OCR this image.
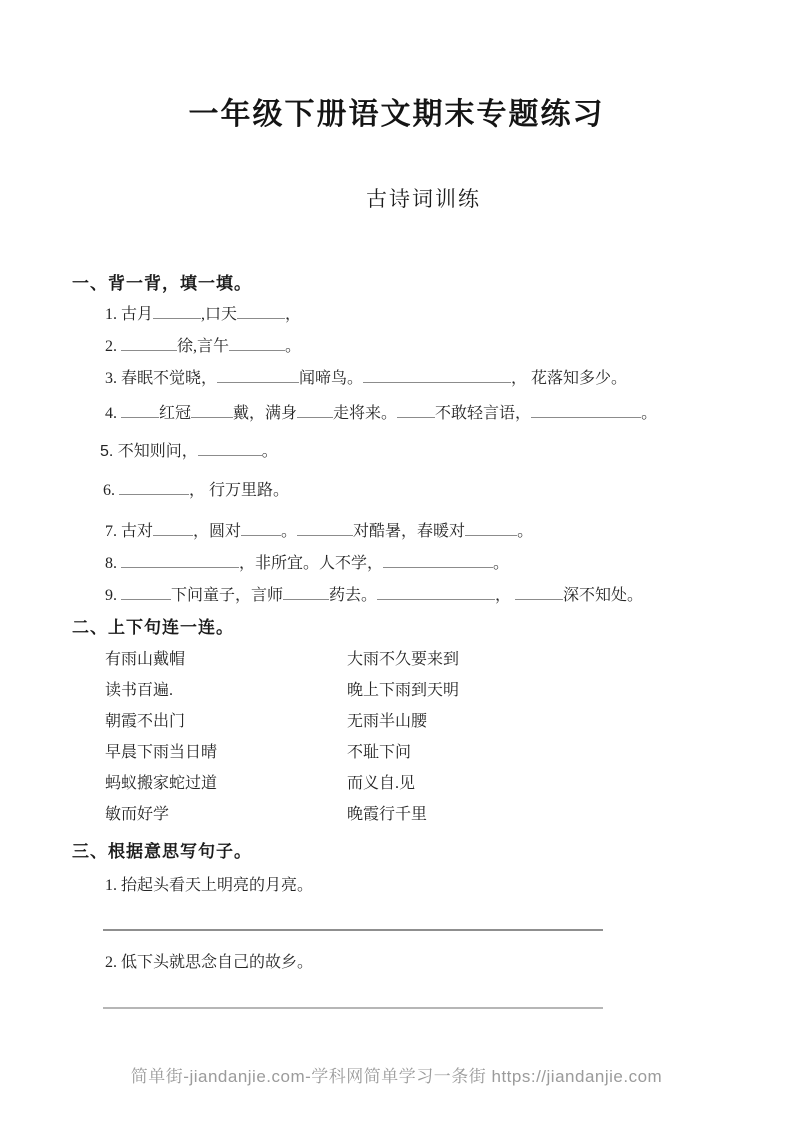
一年级下册语文期末专题练习
古诗词训练
一、背一背，填一填。
1. 古月	,口天	，
2.	徐,言午	。
3. 春眠不觉晓，	闻啼鸟。	， 花落知多少。
4. 红冠	戴，满身 走将来。 不敢轻言语，	。
5. 不知则问，	。
6.	， 行万里路。
7. 古对	，圆对	。	对酷暑，春暖对	。
8.	，非所宜。人不学，	。
9.	下问童子，言师	药去。	，	深不知处。
二、上下句连一连。
有雨山戴帽	大雨不久要来到
读书百遍.	晚上下雨到天明
朝霞不出门	无雨半山腰
早晨下雨当日晴	不耻下问
蚂蚁搬家蛇过道	而义自.见
敏而好学	晚霞行千里
三、根据意思写句子。
1. 抬起头看天上明亮的月亮。
2. 低下头就思念自己的故乡。
简单街-jiandanjie.com-学科网简单学习一条街 https://jiandanjie.com
